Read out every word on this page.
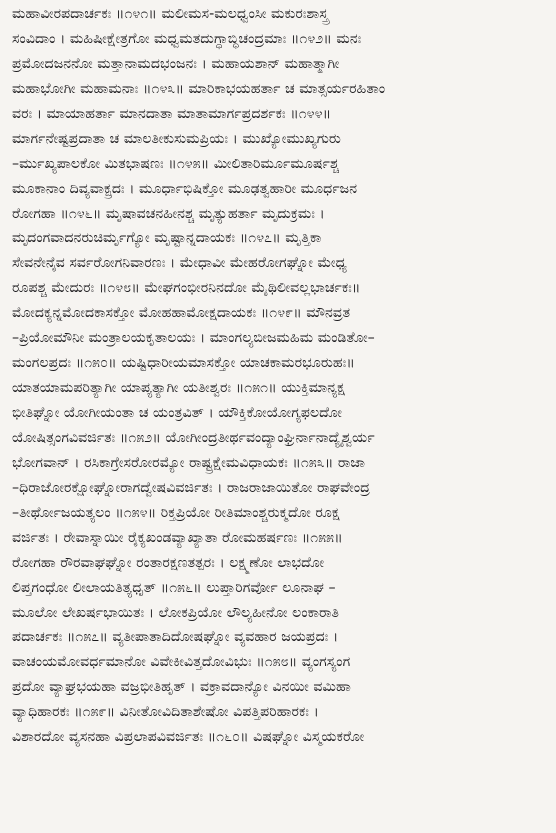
ಮಹಾವೀರಪದಾರ್ಚಕಃ ॥೧೪೧॥ ಮಲೀಮಸ-ಮಲಧ್ವಂಸೀ ಮಕುರಃಶಾಸ್ತ್ರ
ಸಂವಿದಾಂ । ಮಹಿಷೀಕ್ಷೇತ್ರಗೋ ಮಧ್ವಮತದುಗ್ಧಾಬ್ಧಿಚಂದ್ರಮಾಃ ॥೧೪೨॥ ಮನಃ
ಪ್ರಮೋದಜನನೋ ಮತ್ತಾನಾಮದಭಂಜನಃ । ಮಹಾಯಶಾನ್ ಮಹಾತ್ಮಾಗೀ
ಮಹಾಭೋಗೀ ಮಹಾಮನಾಃ ॥೧೪೩॥ ಮಾರಿಕಾಭಯಹರ್ತಾ ಚ ಮಾತ್ಸರ್ಯರಹಿತಾಂ
ವರಃ । ಮಾಯಾಹರ್ತಾ ಮಾನದಾತಾ ಮಾತಾಮಾರ್ಗಪ್ರದರ್ಶಕಃ ॥೧೪೪॥
ಮಾರ್ಗನೇಷ್ಟಪ್ರದಾತಾ ಚ ಮಾಲತೀಕುಸುಮಪ್ರಿಯಃ । ಮುಖ್ಯೋಮುಖ್ಯಗುರು
–ರ್ಮುಖ್ಯಪಾಲಕೋ ಮಿತಭಾಷಣಃ ॥೧೪೫॥ ಮೀಲಿತಾರಿರ್ಮೂಮೂರ್ಷಶ್ಚ
ಮೂಕಾನಾಂ ದಿವ್ಯವಾಕ್ಪ್ರದಃ । ಮೂರ್ಧಾಭಿಷಿಕ್ತೋ ಮೂಢತ್ವಹಾರೀ ಮೂರ್ಧಜನ
ರೋಗಹಾ ॥೧೪೬॥ ಮೃಷಾವಚನಹೀನಶ್ಚ ಮೃತ್ಯುಹರ್ತಾ ಮೃದುಕ್ರಮಃ ।
ಮೃದಂಗವಾದನರುಚಿರ್ಮೃಗ್ಯೋ ಮೃಷ್ಟಾನ್ನದಾಯಕಃ ॥೧೪೭॥ ಮೃತ್ತಿಕಾ
ಸೇವನೇನೈವ ಸರ್ವರೋಗನಿವಾರಣಃ । ಮೇಧಾವೀ ಮೇಹರೋಗಘ್ನೋ ಮೇಧ್ಯ
ರೂಪಶ್ಚ ಮೇದುರಃ ॥೧೪೮॥ ಮೇಘಗಂಭೀರನಿನದೋ ಮೈಥಿಲೀವಲ್ಲಭಾರ್ಚಕಃ॥
ಮೋದಕ್ಯನ್ನಮೋದಕಾಸಕ್ತೋ ಮೋಹಹಾಮೋಕ್ಷದಾಯಕಃ ॥೧೪೯॥ ಮೌನವ್ರತ
–ಪ್ರಿಯೋಮೌನೀ ಮಂತ್ರಾಲಯಕೃತಾಲಯಃ । ಮಾಂಗಲ್ಯಬೀಜಮಹಿಮ ಮಂಡಿತೋ–
ಮಂಗಲಪ್ರದಃ ॥೧೫೦॥ ಯಷ್ಟಿಧಾರೀಯಮಾಸಕ್ತೋ ಯಾಚಕಾಮರಭೂರುಹಃ॥
ಯಾತಯಾಮಪರಿತ್ಯಾಗೀ ಯಾಪ್ಯತ್ಯಾಗೀ ಯತೀಶ್ವರಃ ॥೧೫೧॥ ಯುಕ್ತಿಮಾನ್ಯಕ್ಷ
ಭೀತಿಘ್ನೋ ಯೋಗೀಯಂತಾ ಚ ಯಂತ್ರವಿತ್ । ಯೌಕ್ತಿಕೋಯೋಗ್ಯಫಲದೋ
ಯೋಷಿತ್ಸಂಗವಿವರ್ಜಿತಃ ॥೧೫೨॥ ಯೋಗೀಂದ್ರತೀರ್ಥವಂದ್ಯಾಂಘ್ರಿರ್ನಾನಾದ್ಯೈಶ್ವರ್ಯ
ಭೋಗವಾನ್ । ರಸಿಕಾಗ್ರೇಸರೋರಮ್ಯೋ ರಾಷ್ಟ್ರಕ್ಷೇಮವಿಧಾಯಕಃ ॥೧೫೩॥ ರಾಜಾ
–ಧಿರಾಜೋರಕ್ಷೋಘ್ನೋರಾಗದ್ವೇಷವಿವರ್ಜಿತಃ । ರಾಜರಾಜಾಯಿತೋ ರಾಘವೇಂದ್ರ
–ತೀರ್ಥೋಜಯತ್ಯಲಂ ॥೧೫೪॥ ರಿಕ್ತಪ್ರಿಯೋ ರೀತಿಮಾಂಶ್ಚರುಕ್ಮದೋ ರೂಕ್ಷ
ವರ್ಜಿತಃ । ರೇವಾಸ್ನಾಯೀ ರೈಕ್ಯಖಂಡವ್ಯಾಖ್ಯಾತಾ ರೋಮಹರ್ಷಣಃ ॥೧೫೫॥
ರೋಗಹಾ ರೌರವಾಘಘ್ನೋ ರಂತಾರಕ್ಷಣತತ್ಪರಃ । ಲಕ್ಷ್ಮಣೋ ಲಾಭದೋ
ಲಿಪ್ತಗಂಧೋ ಲೀಲಾಯತಿತ್ಯಧೃತ್ ॥೧೫೬॥ ಲುಪ್ತಾರಿಗರ್ವೋ ಲೂನಾಘ –
ಮೂಲೋ ಲೇಖರ್ಷಭಾಯಿತಃ । ಲೋಕಪ್ರಿಯೋ ಲೌಲ್ಯಹೀನೋ ಲಂಕಾರಾತಿ
ಪದಾರ್ಚಕಃ ॥೧೫೭॥ ವ್ಯತೀಪಾತಾದಿದೋಷಘ್ನೋ ವ್ಯವಹಾರ ಜಯಪ್ರದಃ ।
ವಾಚಂಯಮೋವರ್ಧಮಾನೋ ವಿವೇಕೀವಿತ್ತದೋವಿಭುಃ ॥೧೫೮॥ ವ್ಯಂಗಸ್ಯಂಗ
ಪ್ರದೋ ವ್ಯಾಘ್ರಭಯಹಾ ವಜ್ರಭೀತಿಹೃತ್ । ವಕ್ರಾವದಾನ್ಯೋ ವಿನಯೀ ವಮಿಹಾ
ವ್ಯಾಧಿಹಾರಕಃ ॥೧೫೯॥ ವಿನೀತೋವಿದಿತಾಶೇಷೋ ವಿಪತ್ತಿಪರಿಹಾರಕಃ ।
ವಿಶಾರದೋ ವ್ಯಸನಹಾ ವಿಪ್ರಲಾಪವಿವರ್ಜಿತಃ ॥೧೬೦॥ ವಿಷಘ್ನೋ ವಿಸ್ಮಯಕರೋ
